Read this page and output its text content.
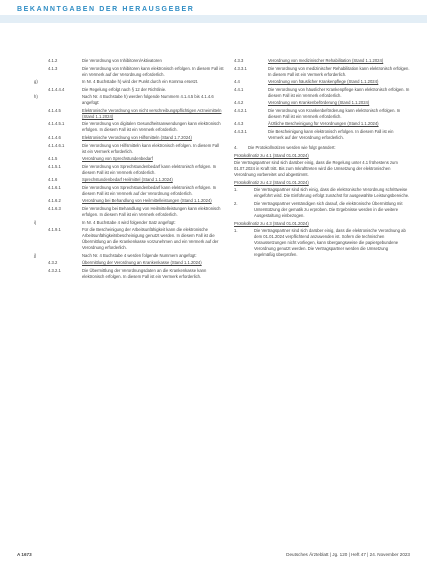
BEKANNTGABEN DER HERAUSGEBER
4.1.2	Die Verordnung von Inhibitoren/Aktivatoren
4.1.3	Die Verordnung von Inhibitoren kann elektronisch erfolgen. In diesem Fall ist ein Vermerk auf der Verordnung erforderlich.
g)	In Nr. 4 Buchstabe h) wird der Punkt durch ein Komma ersetzt.
4.1.4.4.4	Die Regelung erfolgt nach § 12 der Richtlinie.
h)	Nach Nr. 4 Buchstabe h) werden folgende Nummern 4.1.4.5 bis 4.1.4.6 angefügt:
4.1.4.5	Elektronische Verordnung von nicht verschreibungspflichtigen Arzneimitteln (Stand 1.1.2024)
4.1.4.5.1	Die Verordnung von digitalen Gesundheitsanwendungen kann elektronisch erfolgen. In diesem Fall ist ein Vermerk erforderlich.
4.1.4.6	Elektronische Verordnung von Hilfsmitteln (Stand 1.7.2024)
4.1.4.6.1	Die Verordnung von Hilfsmitteln kann elektronisch erfolgen. In diesem Fall ist ein Vermerk erforderlich.
4.1.5	Verordnung von Sprechstundenbedarf
4.1.5.1	Die Verordnung von Sprechstundenbedarf kann elektronisch erfolgen. In diesem Fall ist ein Vermerk erforderlich.
4.1.6	Sprechstundenbedarf Heilmittel (Stand 1.1.2024)
4.1.6.1	Die Verordnung von Sprechstundenbedarf kann elektronisch erfolgen. In diesem Fall ist ein Vermerk auf der Verordnung erforderlich.
4.1.6.2	Verordnung bei Behandlung von Heilmittelleistungen (Stand 1.1.2024)
4.1.6.3	Die Verordnung bei Behandlung von Heilmittelleistungen kann elektronisch erfolgen. In diesem Fall ist ein Vermerk erforderlich.
i)	In Nr. 4 Buchstabe 4 wird folgender Satz angefügt:
4.1.9.1	Für die Bescheinigung der Arbeitsunfähigkeit kann die elektronische Arbeitsunfähigkeitsbescheinigung genutzt werden. In diesem Fall ist die Übermittlung an die Krankenkasse vorzunehmen und ein Vermerk auf der Verordnung erforderlich.
j)	Nach Nr. 4 Buchstabe 4 werden folgende Nummern angefügt:
4.3.2	Übermittlung der Verordnung an Krankenkasse (Stand 1.1.2024)
4.3.2.1	Die Übermittlung der Verordnungsdaten an die Krankenkasse kann elektronisch erfolgen. In diesem Fall ist ein Vermerk erforderlich.
4.3.3	Verordnung von medizinischer Rehabilitation (Stand 1.1.2024)
4.3.3.1	Die Verordnung von medizinischer Rehabilitation kann elektronisch erfolgen. In diesem Fall ist ein Vermerk erforderlich.
4.4	Verordnung von häuslicher Krankenpflege (Stand 1.1.2024)
4.4.1	Die Verordnung von häuslicher Krankenpflege kann elektronisch erfolgen. In diesem Fall ist ein Vermerk erforderlich.
4.4.2	Verordnung von Krankenbeförderung (Stand 1.1.2024)
4.4.2.1	Die Verordnung von Krankenbeförderung kann elektronisch erfolgen. In diesem Fall ist ein Vermerk erforderlich.
4.4.3	Ärztliche Bescheinigung für Verordnungen (Stand 1.1.2024)
4.4.3.1	Die Bescheinigung kann elektronisch erfolgen. In diesem Fall ist ein Vermerk auf der Verordnung erforderlich.
4.	Die Protokollnotizen werden wie folgt geändert:
Protokollnotiz zu 4.1 (Stand 01.01.2024)
Die Vertragspartner sind sich darüber einig, dass die Regelung unter 4.1 frühestens zum 01.07.2024 in Kraft tritt. Bis zum Inkrafttreten wird die Umsetzung der elektronischen Verordnung vorbereitet und abgestimmt.
Protokollnotiz zu 4.2 (Stand 01.01.2024)
1.	Die Vertragspartner sind sich einig, dass die elektronische Verordnung schrittweise eingeführt wird. Die Einführung erfolgt zunächst für ausgewählte Leistungsbereiche.
2.	Die Vertragspartner verständigen sich darauf, die elektronische Übermittlung mit Unterstützung der gematik zu erproben. Die Ergebnisse werden in die weitere Ausgestaltung einbezogen.
Protokollnotiz zu 4.3 (Stand 01.01.2024)
1.	Die Vertragspartner sind sich darüber einig, dass die elektronische Verordnung ab dem 01.01.2024 verpflichtend anzuwenden ist. Sofern die technischen Voraussetzungen nicht vorliegen, kann übergangsweise die papiergebundene Verordnung genutzt werden. Die Vertragspartner werden die Umsetzung regelmäßig überprüfen.
A 1673	Deutsches Ärzteblatt | Jg. 120 | Heft 47 | 24. November 2023
